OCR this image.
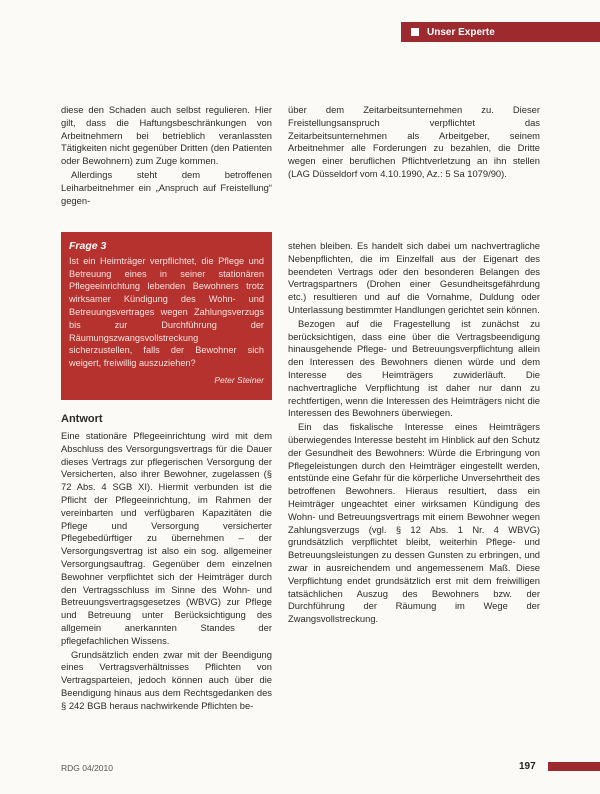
Unser Experte

diese den Schaden auch selbst regulieren. Hier gilt, dass die Haftungsbeschränkungen von Arbeitnehmern bei betrieblich veranlassten Tätigkeiten nicht gegenüber Dritten (den Patienten oder Bewohnern) zum Zuge kommen.

Allerdings steht dem betroffenen Leiharbeitnehmer ein „Anspruch auf Freistellung“ gegen-

über dem Zeitarbeitsunternehmen zu. Dieser Freistellungsanspruch verpflichtet das Zeitarbeitsunternehmen als Arbeitgeber, seinem Arbeitnehmer alle Forderungen zu bezahlen, die Dritte wegen einer beruflichen Pflichtverletzung an ihn stellen (LAG Düsseldorf vom 4.10.1990, Az.: 5 Sa 1079/90).

Frage 3
Ist ein Heimträger verpflichtet, die Pflege und Betreuung eines in seiner stationären Pflegeeinrichtung lebenden Bewohners trotz wirksamer Kündigung des Wohn- und Betreuungsvertrages wegen Zahlungsverzugs bis zur Durchführung der Räumungszwangsvollstreckung sicherzustellen, falls der Bewohner sich weigert, freiwillig auszuziehen?
Peter Steiner
Antwort

Eine stationäre Pflegeeinrichtung wird mit dem Abschluss des Versorgungsvertrags für die Dauer dieses Vertrags zur pflegerischen Versorgung der Versicherten, also ihrer Bewohner, zugelassen (§ 72 Abs. 4 SGB XI). Hiermit verbunden ist die Pflicht der Pflegeeinrichtung, im Rahmen der vereinbarten und verfügbaren Kapazitäten die Pflege und Versorgung versicherter Pflegebedürftiger zu übernehmen – der Versorgungsvertrag ist also ein sog. allgemeiner Versorgungsauftrag. Gegenüber dem einzelnen Bewohner verpflichtet sich der Heimträger durch den Vertragsschluss im Sinne des Wohn- und Betreuungsvertragsgesetzes (WBVG) zur Pflege und Betreuung unter Berücksichtigung des allgemein anerkannten Standes der pflegefachlichen Wissens.

Grundsätzlich enden zwar mit der Beendigung eines Vertragsverhältnisses Pflichten von Vertragsparteien, jedoch können auch über die Beendigung hinaus aus dem Rechtsgedanken des § 242 BGB heraus nachwirkende Pflichten be-

stehen bleiben. Es handelt sich dabei um nachvertragliche Nebenpflichten, die im Einzelfall aus der Eigenart des beendeten Vertrags oder den besonderen Belangen des Vertragspartners (Drohen einer Gesundheitsgefährdung etc.) resultieren und auf die Vornahme, Duldung oder Unterlassung bestimmter Handlungen gerichtet sein können.

Bezogen auf die Fragestellung ist zunächst zu berücksichtigen, dass eine über die Vertragsbeendigung hinausgehende Pflege- und Betreuungsverpflichtung allein den Interessen des Bewohners dienen würde und dem Interesse des Heimträgers zuwiderläuft. Die nachvertragliche Verpflichtung ist daher nur dann zu rechtfertigen, wenn die Interessen des Heimträgers nicht die Interessen des Bewohners überwiegen.

Ein das fiskalische Interesse eines Heimträgers überwiegendes Interesse besteht im Hinblick auf den Schutz der Gesundheit des Bewohners: Würde die Erbringung von Pflegeleistungen durch den Heimträger eingestellt werden, entstünde eine Gefahr für die körperliche Unversehrtheit des betroffenen Bewohners. Hieraus resultiert, dass ein Heimträger ungeachtet einer wirksamen Kündigung des Wohn- und Betreuungsvertrags mit einem Bewohner wegen Zahlungsverzugs (vgl. § 12 Abs. 1 Nr. 4 WBVG) grundsätzlich verpflichtet bleibt, weiterhin Pflege- und Betreuungsleistungen zu dessen Gunsten zu erbringen, und zwar in ausreichendem und angemessenem Maß. Diese Verpflichtung endet grundsätzlich erst mit dem freiwilligen tatsächlichen Auszug des Bewohners bzw. der Durchführung der Räumung im Wege der Zwangsvollstreckung.

RDG 04/2010	197
